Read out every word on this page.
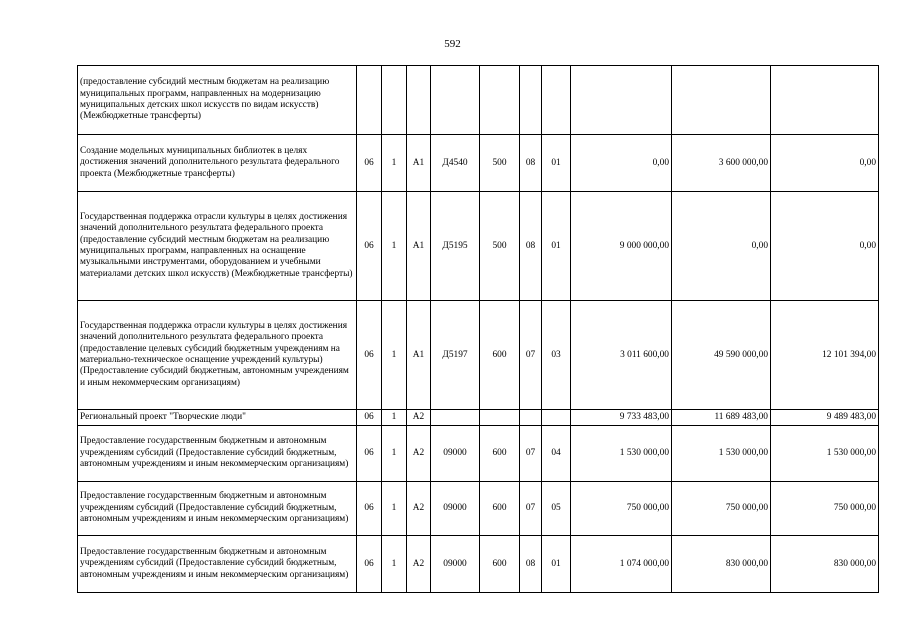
592
(предоставление субсидий местным бюджетам на реализацию муниципальных программ, направленных на модернизацию муниципальных детских школ искусств по видам искусств) (Межбюджетные трансферты)										
Создание модельных муниципальных библиотек в целях достижения значений дополнительного результата федерального проекта (Межбюджетные трансферты)	06	1	А1	Д4540	500	08	01	0,00	3 600 000,00	0,00
Государственная поддержка отрасли культуры в целях достижения значений дополнительного результата федерального проекта (предоставление субсидий местным бюджетам на реализацию муниципальных программ, направленных на оснащение музыкальными инструментами, оборудованием и учебными материалами детских школ искусств) (Межбюджетные трансферты)	06	1	А1	Д5195	500	08	01	9 000 000,00	0,00	0,00
Государственная поддержка отрасли культуры в целях достижения значений дополнительного результата федерального проекта (предоставление целевых субсидий бюджетным учреждениям на материально-техническое оснащение учреждений культуры) (Предоставление субсидий бюджетным, автономным учреждениям и иным некоммерческим организациям)	06	1	А1	Д5197	600	07	03	3 011 600,00	49 590 000,00	12 101 394,00
Региональный проект "Творческие люди"	06	1	А2					9 733 483,00	11 689 483,00	9 489 483,00
Предоставление государственным бюджетным и автономным учреждениям субсидий (Предоставление субсидий бюджетным, автономным учреждениям и иным некоммерческим организациям)	06	1	А2	09000	600	07	04	1 530 000,00	1 530 000,00	1 530 000,00
Предоставление государственным бюджетным и автономным учреждениям субсидий (Предоставление субсидий бюджетным, автономным учреждениям и иным некоммерческим организациям)	06	1	А2	09000	600	07	05	750 000,00	750 000,00	750 000,00
Предоставление государственным бюджетным и автономным учреждениям субсидий (Предоставление субсидий бюджетным, автономным учреждениям и иным некоммерческим организациям)	06	1	А2	09000	600	08	01	1 074 000,00	830 000,00	830 000,00
